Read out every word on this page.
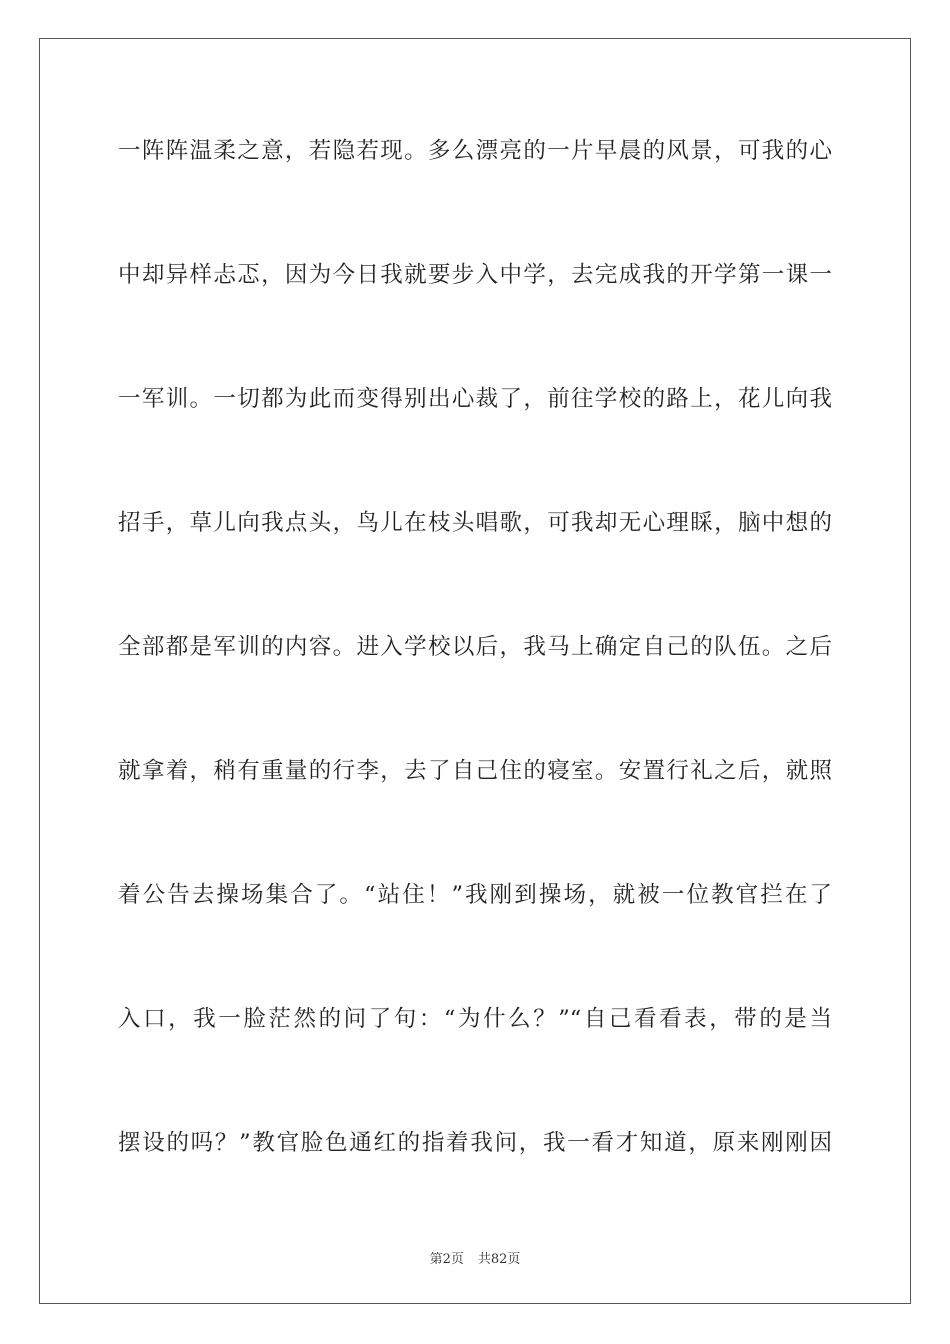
一阵阵温柔之意，若隐若现。多么漂亮的一片早晨的风景，可我的心
中却异样忐忑，因为今日我就要步入中学，去完成我的开学第一课一
一军训。一切都为此而变得别出心裁了，前往学校的路上，花儿向我
招手，草儿向我点头，鸟儿在枝头唱歌，可我却无心理睬，脑中想的
全部都是军训的内容。进入学校以后，我马上确定自己的队伍。之后
就拿着，稍有重量的行李，去了自己住的寝室。安置行礼之后，就照
着公告去操场集合了。“站住！”我刚到操场，就被一位教官拦在了
入口，我一脸茫然的问了句：“为什么？”“自己看看表，带的是当
摆设的吗？”教官脸色通红的指着我问，我一看才知道，原来刚刚因
第2页 共82页
